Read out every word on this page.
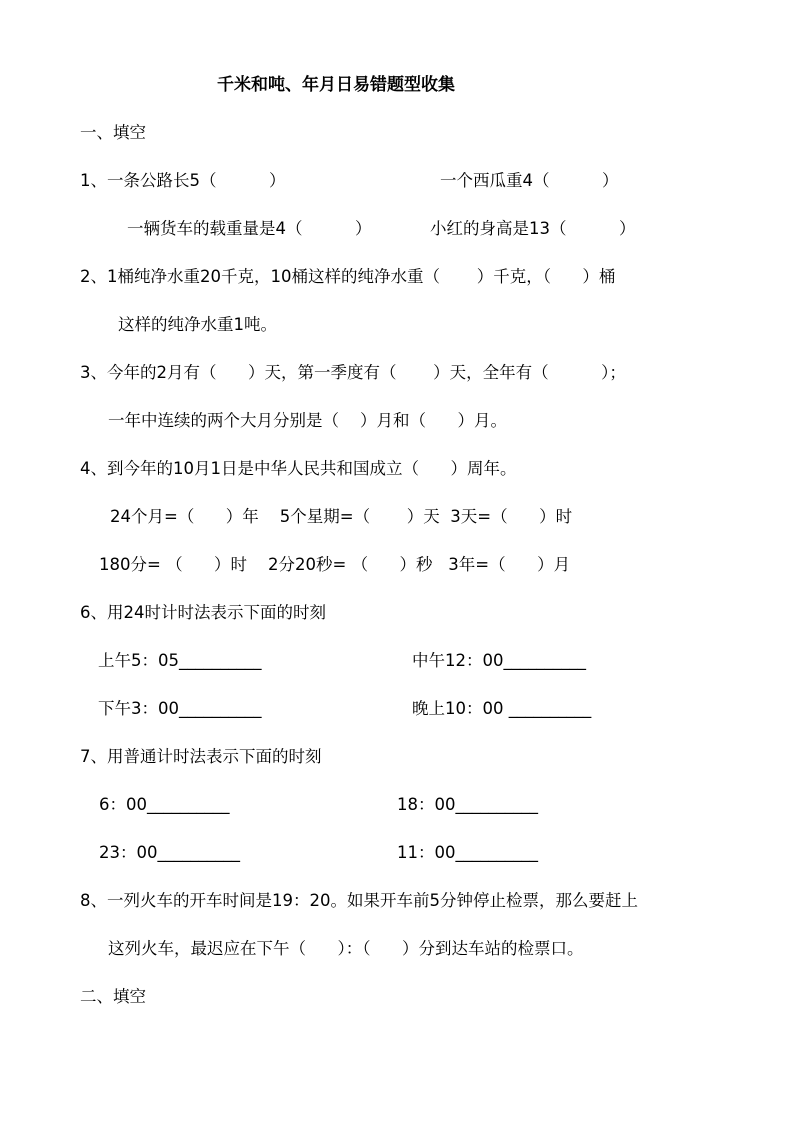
千米和吨、年月日易错题型收集
一、填空
1、一条公路长5（          ）	一个西瓜重4（          ）
一辆货车的载重量是4（          ）	小红的身高是13（          ）
2、1桶纯净水重20千克，10桶这样的纯净水重（       ）千克，（      ）桶
这样的纯净水重1吨。
3、今年的2月有（      ）天，第一季度有（       ）天，全年有（          ）；
一年中连续的两个大月分别是（    ）月和（      ）月。
4、到今年的10月1日是中华人民共和国成立（      ）周年。
24个月=（      ）年    5个星期=（       ）天  3天=（      ）时
180分= （      ）时    2分20秒= （      ）秒   3年=（      ）月
6、用24时计时法表示下面的时刻
上午5：05__________	中午12：00__________
下午3：00__________	晚上10：00 __________
7、用普通计时法表示下面的时刻
6：00__________	18：00__________
23：00__________	11：00__________
8、一列火车的开车时间是19：20。如果开车前5分钟停止检票，那么要赶上
这列火车，最迟应在下午（      ）：（      ）分到达车站的检票口。
二、填空
